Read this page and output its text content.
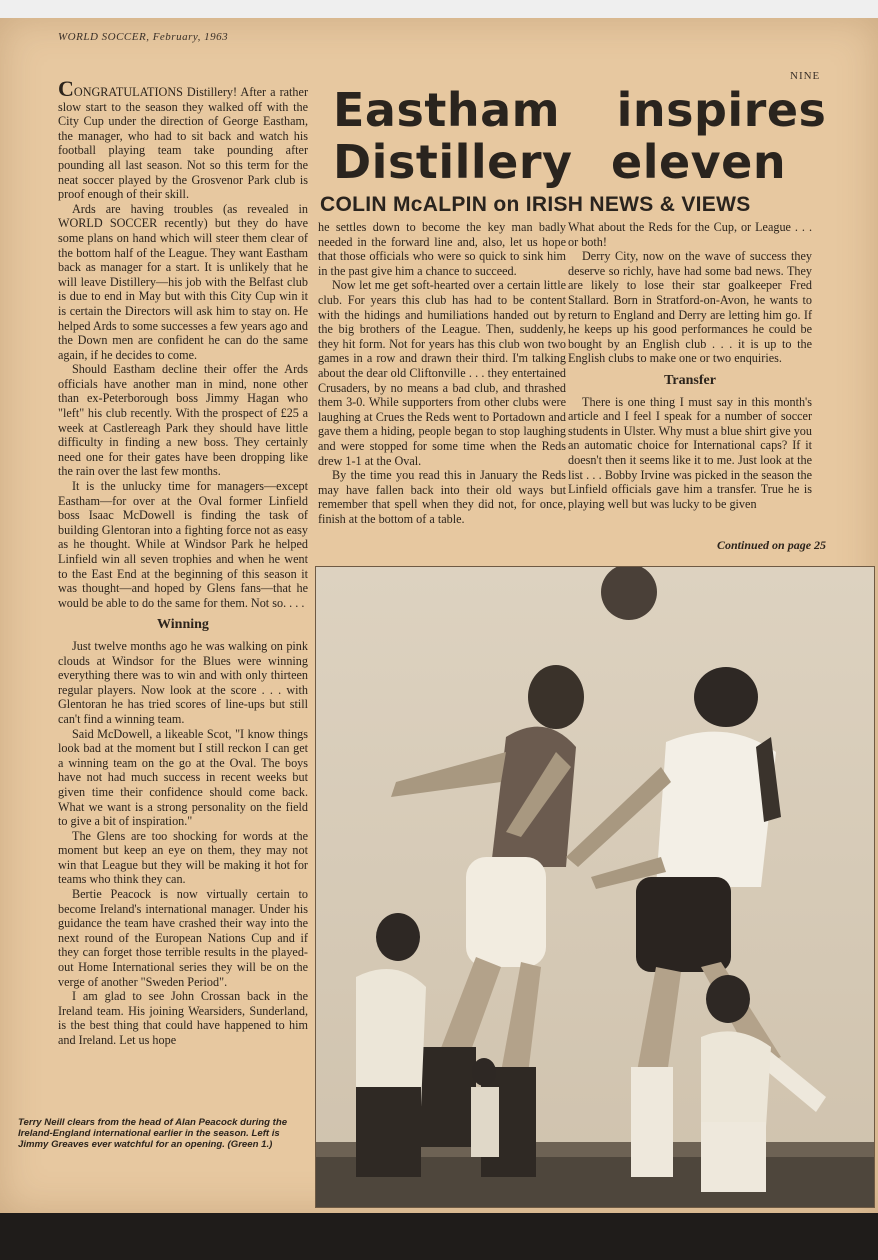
WORLD SOCCER, February, 1963
NINE
Eastham inspires
Distillery eleven
COLIN McALPIN on IRISH NEWS & VIEWS

CONGRATULATIONS Distillery! After a rather slow start to the season they walked off with the City Cup under the direction of George Eastham, the manager, who had to sit back and watch his football playing team take pounding after pounding all last season. Not so this term for the neat soccer played by the Grosvenor Park club is proof enough of their skill.

Ards are having troubles (as revealed in WORLD SOCCER recently) but they do have some plans on hand which will steer them clear of the bottom half of the League. They want Eastham back as manager for a start. It is unlikely that he will leave Distillery—his job with the Belfast club is due to end in May but with this City Cup win it is certain the Directors will ask him to stay on. He helped Ards to some successes a few years ago and the Down men are confident he can do the same again, if he decides to come.

Should Eastham decline their offer the Ards officials have another man in mind, none other than ex-Peterborough boss Jimmy Hagan who "left" his club recently. With the prospect of £25 a week at Castlereagh Park they should have little difficulty in finding a new boss. They certainly need one for their gates have been dropping like the rain over the last few months.

It is the unlucky time for managers—except Eastham—for over at the Oval former Linfield boss Isaac McDowell is finding the task of building Glentoran into a fighting force not as easy as he thought. While at Windsor Park he helped Linfield win all seven trophies and when he went to the East End at the beginning of this season it was thought—and hoped by Glens fans—that he would be able to do the same for them. Not so. . . .

Winning

Just twelve months ago he was walking on pink clouds at Windsor for the Blues were winning everything there was to win and with only thirteen regular players. Now look at the score . . . with Glentoran he has tried scores of line-ups but still can't find a winning team.

Said McDowell, a likeable Scot, "I know things look bad at the moment but I still reckon I can get a winning team on the go at the Oval. The boys have not had much success in recent weeks but given time their confidence should come back. What we want is a strong personality on the field to give a bit of inspiration."

The Glens are too shocking for words at the moment but keep an eye on them, they may not win that League but they will be making it hot for teams who think they can.

Bertie Peacock is now virtually certain to become Ireland's international manager. Under his guidance the team have crashed their way into the next round of the European Nations Cup and if they can forget those terrible results in the played-out Home International series they will be on the verge of another "Sweden Period".

I am glad to see John Crossan back in the Ireland team. His joining Wearsiders, Sunderland, is the best thing that could have happened to him and Ireland. Let us hope

he settles down to become the key man badly needed in the forward line and, also, let us hope that those officials who were so quick to sink him in the past give him a chance to succeed.

Now let me get soft-hearted over a certain little club. For years this club has had to be content with the hidings and humiliations handed out by the big brothers of the League. Then, suddenly, they hit form. Not for years has this club won two games in a row and drawn their third. I'm talking about the dear old Cliftonville . . . they entertained Crusaders, by no means a bad club, and thrashed them 3-0. While supporters from other clubs were laughing at Crues the Reds went to Portadown and gave them a hiding, people began to stop laughing and were stopped for some time when the Reds drew 1-1 at the Oval.

By the time you read this in January the Reds may have fallen back into their old ways but remember that spell when they did not, for once, finish at the bottom of a table.

What about the Reds for the Cup, or League . . . or both!

Derry City, now on the wave of success they deserve so richly, have had some bad news. They are likely to lose their star goalkeeper Fred Stallard. Born in Stratford-on-Avon, he wants to return to England and Derry are letting him go. If he keeps up his good performances he could be bought by an English club . . . it is up to the English clubs to make one or two enquiries.

Transfer

There is one thing I must say in this month's article and I feel I speak for a number of soccer students in Ulster. Why must a blue shirt give you an automatic choice for International caps? If it doesn't then it seems like it to me. Just look at the list . . . Bobby Irvine was picked in the season the Linfield officials gave him a transfer. True he is playing well but was lucky to be given

Continued on page 25
Terry Neill clears from the head of Alan Peacock during the Ireland-England international earlier in the season. Left is Jimmy Greaves ever watchful for an opening. (Green 1.)
